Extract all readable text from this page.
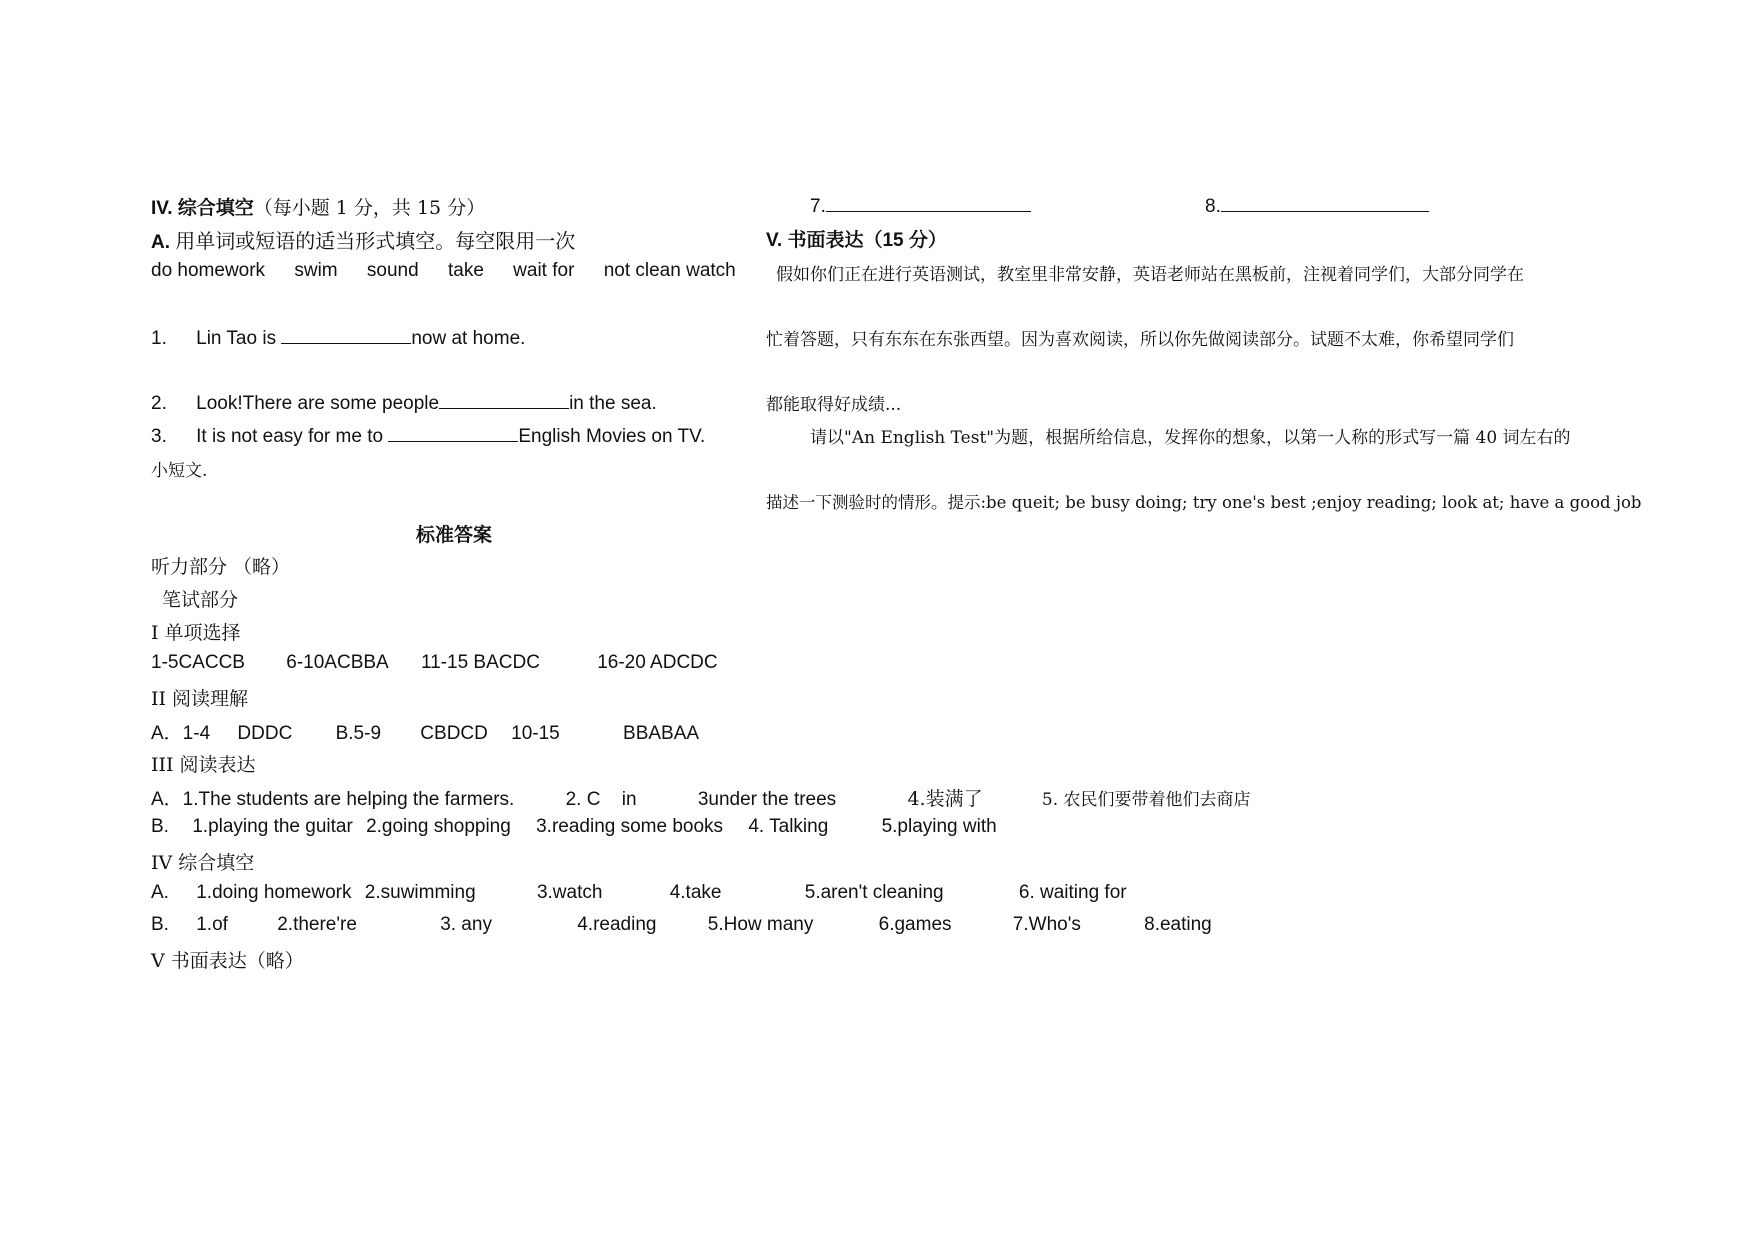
IV. 综合填空（每小题 1 分，共 15 分）
A. 用单词或短语的适当形式填空。每空限用一次
do homework swim sound take wait for not clean watch
1. Lin Tao is	now at home.
2. Look!There are some people	in the sea.
3. It is not easy for me to	English Movies on TV.
小短文.
标准答案
听力部分 （略）
笔试部分
I 单项选择
1-5CACCB 6-10ACBBA 11-15 BACDC	16-20 ADCDC
II 阅读理解
A．1-4 DDDC B.5-9 CBDCD 10-15	BBABAA
III 阅读表达
A．1.The students are helping the farmers.	2. C in	3under the trees	4.装满了	5. 农民们要带着他们去商店
B. 1.playing the guitar 2.going shopping 3.reading some books 4. Talking	5.playing with
IV 综合填空
A. 1.doing homework 2.suwimming	3.watch	4.take	5.aren't cleaning	6. waiting for
B. 1.of	2.there're	3. any	4.reading	5.How many	6.games	7.Who's	8.eating
V 书面表达（略）
7.	8.
V. 书面表达（15 分）
假如你们正在进行英语测试，教室里非常安静，英语老师站在黑板前，注视着同学们，大部分同学在
忙着答题，只有东东在东张西望。因为喜欢阅读，所以你先做阅读部分。试题不太难，你希望同学们
都能取得好成绩...
请以"An English Test"为题，根据所给信息，发挥你的想象，以第一人称的形式写一篇 40 词左右的
描述一下测验时的情形。提示:be queit; be busy doing; try one's best ;enjoy reading; look at; have a good job
